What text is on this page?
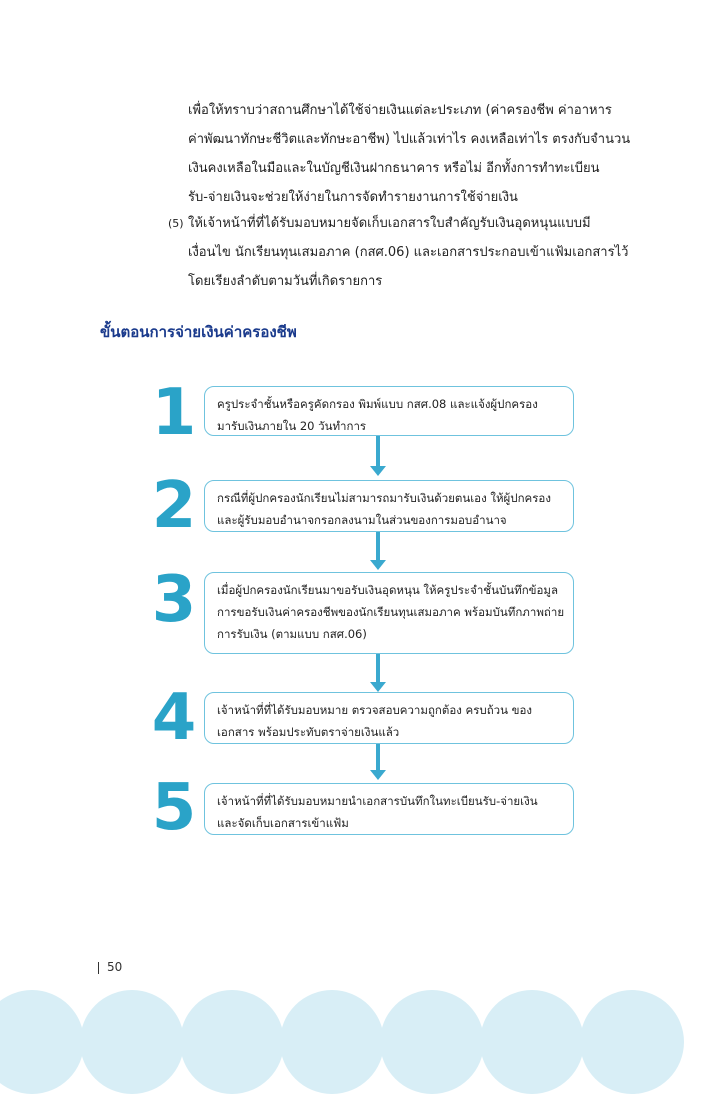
เพื่อให้ทราบว่าสถานศึกษาได้ใช้จ่ายเงินแต่ละประเภท (ค่าครองชีพ ค่าอาหาร
ค่าพัฒนาทักษะชีวิตและทักษะอาชีพ) ไปแล้วเท่าไร คงเหลือเท่าไร ตรงกับจำนวน
เงินคงเหลือในมือและในบัญชีเงินฝากธนาคาร หรือไม่ อีกทั้งการทำทะเบียน
รับ-จ่ายเงินจะช่วยให้ง่ายในการจัดทำรายงานการใช้จ่ายเงิน
(5) ให้เจ้าหน้าที่ที่ได้รับมอบหมายจัดเก็บเอกสารใบสำคัญรับเงินอุดหนุนแบบมี
เงื่อนไข นักเรียนทุนเสมอภาค (กสศ.06) และเอกสารประกอบเข้าแฟ้มเอกสารไว้
โดยเรียงลำดับตามวันที่เกิดรายการ
ขั้นตอนการจ่ายเงินค่าครองชีพ
1	ครูประจำชั้นหรือครูคัดกรอง พิมพ์แบบ กสศ.08 และแจ้งผู้ปกครอง
มารับเงินภายใน 20 วันทำการ
2	กรณีที่ผู้ปกครองนักเรียนไม่สามารถมารับเงินด้วยตนเอง ให้ผู้ปกครอง
และผู้รับมอบอำนาจกรอกลงนามในส่วนของการมอบอำนาจ
3	เมื่อผู้ปกครองนักเรียนมาขอรับเงินอุดหนุน ให้ครูประจำชั้นบันทึกข้อมูล
การขอรับเงินค่าครองชีพของนักเรียนทุนเสมอภาค พร้อมบันทึกภาพถ่าย
การรับเงิน (ตามแบบ กสศ.06)
4	เจ้าหน้าที่ที่ได้รับมอบหมาย ตรวจสอบความถูกต้อง ครบถ้วน ของ
เอกสาร พร้อมประทับตราจ่ายเงินแล้ว
5	เจ้าหน้าที่ที่ได้รับมอบหมายนำเอกสารบันทึกในทะเบียนรับ-จ่ายเงิน
และจัดเก็บเอกสารเข้าแฟ้ม
50
